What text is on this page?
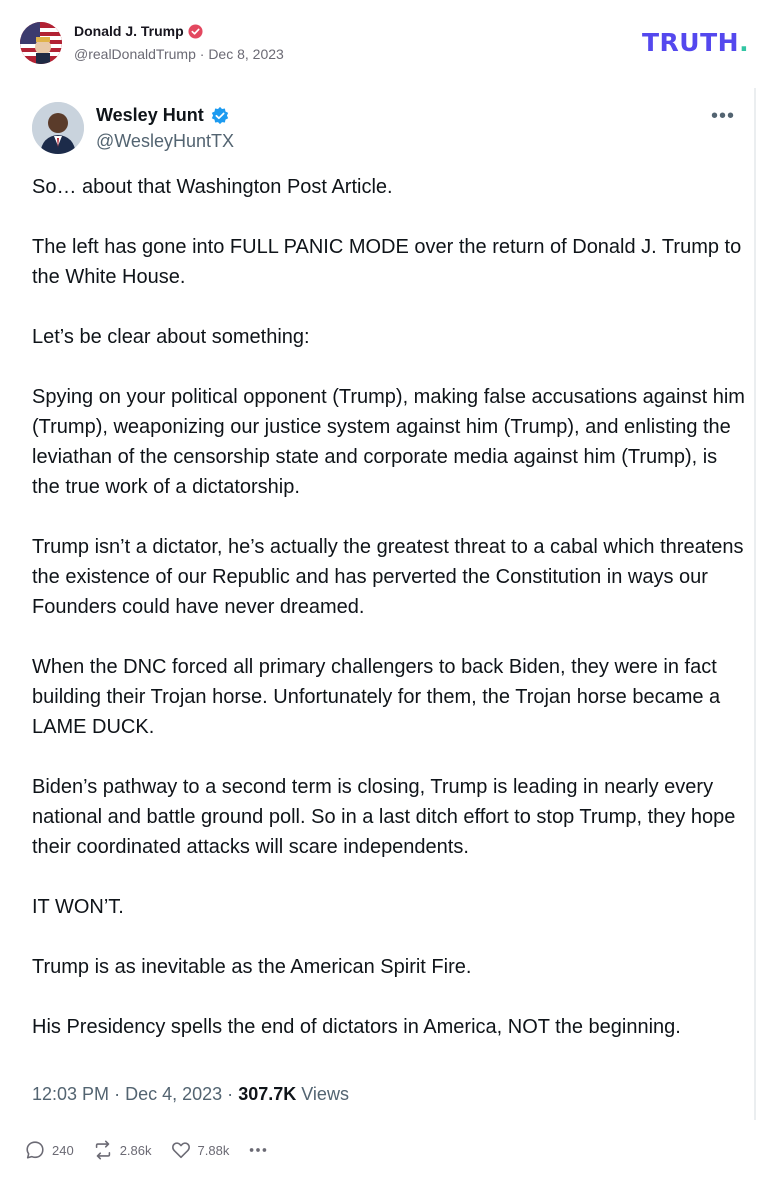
Donald J. Trump
@realDonaldTrump · Dec 8, 2023	TRUTH.
Wesley Hunt
@WesleyHuntTX
•••

So… about that Washington Post Article.

The left has gone into FULL PANIC MODE over the return of Donald J. Trump to the White House.

Let’s be clear about something:

Spying on your political opponent (Trump), making false accusations against him (Trump), weaponizing our justice system against him (Trump), and enlisting the leviathan of the censorship state and corporate media against him (Trump), is the true work of a dictatorship.

Trump isn’t a dictator, he’s actually the greatest threat to a cabal which threatens the existence of our Republic and has perverted the Constitution in ways our Founders could have never dreamed.

When the DNC forced all primary challengers to back Biden, they were in fact building their Trojan horse. Unfortunately for them, the Trojan horse became a LAME DUCK.

Biden’s pathway to a second term is closing, Trump is leading in nearly every national and battle ground poll. So in a last ditch effort to stop Trump, they hope their coordinated attacks will scare independents.

IT WON’T.

Trump is as inevitable as the American Spirit Fire.

His Presidency spells the end of dictators in America, NOT the beginning.

12:03 PM · Dec 4, 2023 · 307.7K Views
240	2.86k	7.88k
